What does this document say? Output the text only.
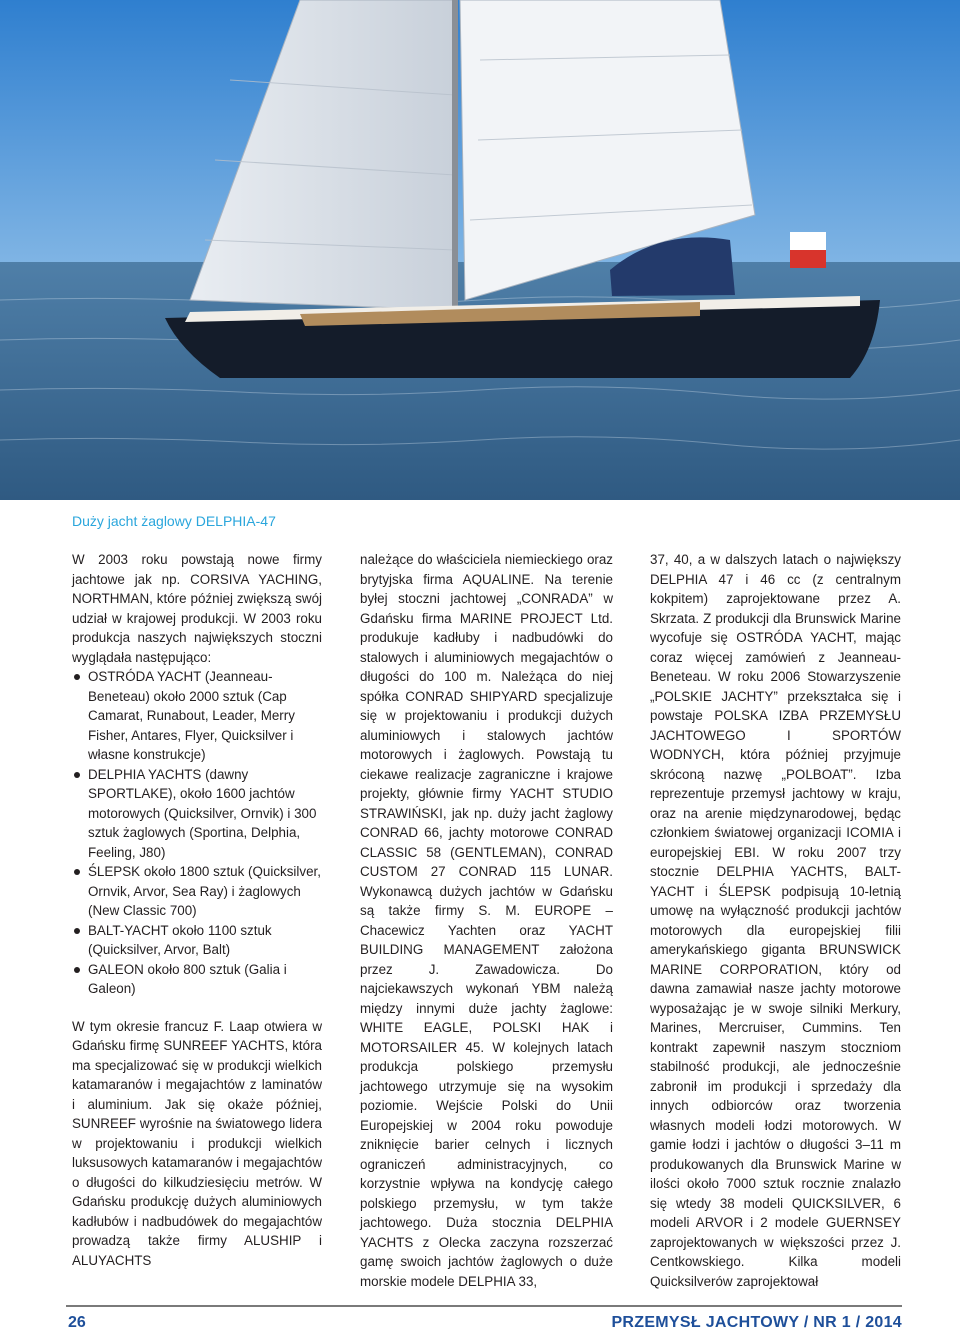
Duży jacht żaglowy DELPHIA-47

W 2003 roku powstają nowe firmy jachtowe jak np. CORSIVA YACHING, NORTHMAN, które później zwiększą swój udział w krajowej produkcji. W 2003 roku produkcja naszych największych stoczni wyglądała następująco:

OSTRÓDA YACHT (Jeanneau-Beneteau) około 2000 sztuk (Cap Camarat, Runabout, Leader, Merry Fisher, Antares, Flyer, Quicksilver i własne konstrukcje)
DELPHIA YACHTS (dawny SPORTLAKE), około 1600 jachtów motorowych (Quicksilver, Ornvik) i 300 sztuk żaglowych (Sportina, Delphia, Feeling, J80)
ŚLEPSK około 1800 sztuk (Quicksilver, Ornvik, Arvor, Sea Ray) i żaglowych (New Classic 700)
BALT-YACHT około 1100 sztuk (Quicksilver, Arvor, Balt)
GALEON około 800 sztuk (Galia i Galeon)

W tym okresie francuz F. Laap otwiera w Gdańsku firmę SUNREEF YACHTS, która ma specjalizować się w produkcji wielkich katamaranów i megajachtów z laminatów i aluminium. Jak się okaże później, SUNREEF wyrośnie na światowego lidera w projektowaniu i produkcji wielkich luksusowych katamaranów i megajachtów o długości do kilkudziesięciu metrów. W Gdańsku produkcję dużych aluminiowych kadłubów i nadbudówek do megajachtów prowadzą także firmy ALUSHIP i ALUYACHTS

należące do właściciela niemieckiego oraz brytyjska firma AQUALINE. Na terenie byłej stoczni jachtowej „CONRADA” w Gdańsku firma MARINE PROJECT Ltd. produkuje kadłuby i nadbudówki do stalowych i aluminiowych megajachtów o długości do 100 m. Należąca do niej spółka CONRAD SHIPYARD specjalizuje się w projektowaniu i produkcji dużych aluminiowych i stalowych jachtów motorowych i żaglowych. Powstają tu ciekawe realizacje zagraniczne i krajowe projekty, głównie firmy YACHT STUDIO STRAWIŃSKI, jak np. duży jacht żaglowy CONRAD 66, jachty motorowe CONRAD CLASSIC 58 (GENTLEMAN), CONRAD CUSTOM 27 CONRAD 115 LUNAR. Wykonawcą dużych jachtów w Gdańsku są także firmy S. M. EUROPE – Chacewicz Yachten oraz YACHT BUILDING MANAGEMENT założona przez J. Zawadowicza. Do najciekawszych wykonań YBM należą między innymi duże jachty żaglowe: WHITE EAGLE, POLSKI HAK i MOTORSAILER 45. W kolejnych latach produkcja polskiego przemysłu jachtowego utrzymuje się na wysokim poziomie. Wejście Polski do Unii Europejskiej w 2004 roku powoduje zniknięcie barier celnych i licznych ograniczeń administracyjnych, co korzystnie wpływa na kondycję całego polskiego przemysłu, w tym także jachtowego. Duża stocznia DELPHIA YACHTS z Olecka zaczyna rozszerzać gamę swoich jachtów żaglowych o duże morskie modele DELPHIA 33,

37, 40, a w dalszych latach o największy DELPHIA 47 i 46 cc (z centralnym kokpitem) zaprojektowane przez A. Skrzata. Z produkcji dla Brunswick Marine wycofuje się OSTRÓDA YACHT, mając coraz więcej zamówień z Jeanneau-Beneteau. W roku 2006 Stowarzyszenie „POLSKIE JACHTY” przekształca się i powstaje POLSKA IZBA PRZEMYSŁU JACHTOWEGO I SPORTÓW WODNYCH, która później przyjmuje skróconą nazwę „POLBOAT”. Izba reprezentuje przemysł jachtowy w kraju, oraz na arenie międzynarodowej, będąc członkiem światowej organizacji ICOMIA i europejskiej EBI. W roku 2007 trzy stocznie DELPHIA YACHTS, BALT-YACHT i ŚLEPSK podpisują 10-letnią umowę na wyłączność produkcji jachtów motorowych dla europejskiej filii amerykańskiego giganta BRUNSWICK MARINE CORPORATION, który od dawna zamawiał nasze jachty motorowe wyposażając je w swoje silniki Merkury, Marines, Mercruiser, Cummins. Ten kontrakt zapewnił naszym stoczniom stabilność produkcji, ale jednocześnie zabronił im produkcji i sprzedaży dla innych odbiorców oraz tworzenia własnych modeli łodzi motorowych. W gamie łodzi i jachtów o długości 3–11 m produkowanych dla Brunswick Marine w ilości około 7000 sztuk rocznie znalazło się wtedy 38 modeli QUICKSILVER, 6 modeli ARVOR i 2 modele GUERNSEY zaprojektowanych w większości przez J. Centkowskiego. Kilka modeli Quicksilverów zaprojektował

26	PRZEMYSŁ JACHTOWY / NR 1 / 2014
